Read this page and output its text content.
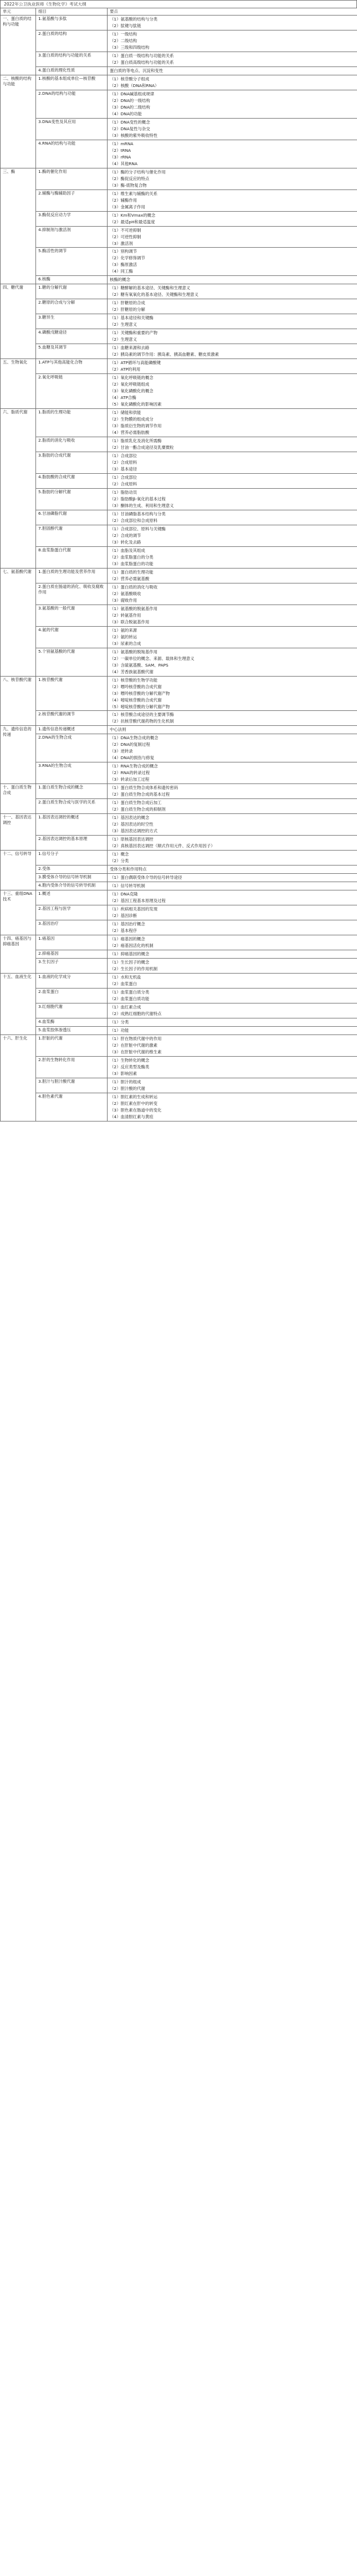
2022年公卫执业医师《生物化学》考试大纲
单元	细目	要点
一、蛋白质的结构与功能	1.氨基酸与多肽	（1）氨基酸的结构与分类
（2）肽键与肽链

	2.蛋白质的结构	（1）一级结构
（2）二级结构
（3）三级和四级结构

	3.蛋白质的结构与功能的关系	（1）蛋白质一级结构与功能的关系
（2）蛋白质高级结构与功能的关系

	4.蛋白质的理化性质	蛋白质的等电点、沉淀和变性

二、核酸的结构与功能	1.核酸的基本组成单位—核苷酸	（1）核苷酸分子组成
（2）核酸（DNA和RNA）

	2.DNA的结构与功能	（1）DNA碱基组成规律
（2）DNA的一级结构
（3）DNA的二级结构
（4）DNA的功能

	3.DNA变性及其应用	（1）DNA变性的概念
（2）DNA复性与杂交
（3）核酸的紫外吸收特性

	4.RNA的结构与功能	（1）mRNA
（2）tRNA
（3）rRNA
（4）其他RNA

三、酶	1.酶的催化作用	（1）酶的分子结构与催化作用
（2）酶促反应的特点
（3）酶-底物复合物

	2.辅酶与酶辅助因子	（1）维生素与辅酶的关系
（2）辅酶作用
（3）金属离子作用

	3.酶促反应动力学	（1）Km和Vmax的概念
（2）最适pH和最适温度

	4.抑制剂与激活剂	（1）不可逆抑制
（2）可逆性抑制
（3）激活剂

	5.酶活性的调节	（1）别构调节
（2）化学修饰调节
（3）酶原激活
（4）同工酶

	6.核酶	核酶的概念

四、糖代谢	1.糖的分解代谢	（1）糖酵解的基本途径、关键酶和生理意义
（2）糖有氧氧化的基本途径、关键酶和生理意义

	2.糖原的合成与分解	（1）肝糖原的合成
（2）肝糖原的分解

	3.糖异生	（1）基本途径和关键酶
（2）生理意义

	4.磷酸戊糖途径	（1）关键酶和重要的产物
（2）生理意义

	5.血糖及其调节	（1）血糖来源和去路
（2）胰岛素的调节作用：胰岛素、胰高血糖素、糖皮质激素

五、生物氧化	1.ATP与其他高能化合物	（1）ATP循环与高能磷酸键
（2）ATP的利用

	2.氧化呼吸链	（1）氧化呼吸链的概念
（2）氧化呼吸链组成
（3）氧化磷酸化的概念
（4）ATP合酶
（5）氧化磷酸化的影响因素

六、脂质代谢	1.脂质的生理功能	（1）储能和供能
（2）生物膜的组成成分
（3）脂质衍生物的调节作用
（4）营养必需脂肪酸

	2.脂质的消化与吸收	（1）脂质乳化及消化所需酶
（2）甘油一酯合成途径及乳糜微粒

	3.脂肪的合成代谢	（1）合成部位
（2）合成原料
（3）基本途径

	4.脂肪酸的合成代谢	（1）合成部位
（2）合成原料

	5.脂肪的分解代谢	（1）脂肪动员
（2）脂肪酸β-氧化的基本过程
（3）酮体的生成、利用和生理意义

	6.甘油磷脂代谢	（1）甘油磷脂基本结构与分类
（2）合成部位和合成原料

	7.胆固醇代谢	（1）合成部位、原料与关键酶
（2）合成的调节
（3）转化及去路

	8.血浆脂蛋白代谢	（1）血脂及其组成
（2）血浆脂蛋白的分类
（3）血浆脂蛋白的功能

七、氨基酸代谢	1.蛋白质的生理功能及营养作用	（1）蛋白质的生理功能
（2）营养必需氨基酸

	2.蛋白质在肠道的消化、吸收及腐败作用	（1）蛋白质的消化与吸收
（2）氨基酸吸收
（3）腐败作用

	3.氨基酸的一般代谢	（1）氨基酸的脱氨基作用
（2）转氨基作用
（3）联合脱氨基作用

	4.氨的代谢	（1）氨的来源
（2）氨的转运
（3）尿素的合成

	5.个别氨基酸的代谢	（1）氨基酸的脱羧基作用
（2）一碳单位的概念、来源、载体和生理意义
（3）含硫氨基酸、SAM、PAPS
（4）芳香族氨基酸代谢

八、核苷酸代谢	1.核苷酸代谢	（1）核苷酸的生物学功能
（2）嘌呤核苷酸的合成代谢
（3）嘌呤核苷酸的分解代谢产物
（4）嘧啶核苷酸的合成代谢
（5）嘧啶核苷酸的分解代谢产物

	2.核苷酸代谢的调节	（1）核苷酸合成途径的主要调节酶
（2）抗核苷酸代谢药物的生化机制

九、遗传信息的传递	1.遗传信息传递概述	中心法则

	2.DNA的生物合成	（1）DNA生物合成的概念
（2）DNA的复制过程
（3）逆转录
（4）DNA的损伤与修复

	3.RNA的生物合成	（1）RNA生物合成的概念
（2）RNA的转录过程
（3）转录后加工过程

十、蛋白质生物合成	1.蛋白质生物合成的概念	（1）蛋白质生物合成体系和遗传密码
（2）蛋白质生物合成的基本过程

	2.蛋白质生物合成与医学的关系	（1）蛋白质生物合成后加工
（2）蛋白质生物合成的抑制剂

十一、基因表达调控	1.基因表达调控的概述	（1）基因表达的概念
（2）基因表达的时空性
（3）基因表达调控的方式

	2.基因表达调控的基本原理	（1）原核基因表达调控
（2）真核基因表达调控（顺式作用元件、反式作用因子）

十二、信号转导	1.信号分子	（1）概念
（2）分类

	2.受体	受体分类和作用特点

	3.膜受体介导的信号转导机制	（1）蛋白偶联受体介导的信号转导途径

	4.胞内受体介导的信号转导机制	（1）信号转导机制

十三、重组DNA技术	1.概述	（1）DNA克隆
（2）基因工程基本原理及过程

	2.基因工程与医学	（1）疾病相关基因的发现
（2）基因诊断

	3.基因治疗	（1）基因治疗概念
（2）基本程序

十四、癌基因与抑癌基因	1.癌基因	（1）癌基因的概念
（2）癌基因活化的机制

	2.抑癌基因	（1）抑癌基因的概念

	3.生长因子	（1）生长因子的概念
（2）生长因子的作用机制

十五、血液生化	1.血液的化学成分	（1）水和无机盐
（2）血浆蛋白

	2.血浆蛋白	（1）血浆蛋白质分类
（2）血浆蛋白质功能

	3.红细胞代谢	（1）血红素合成
（2）成熟红细胞的代谢特点

	4.血浆酶	（1）分类

	5.血浆胶体渗透压	（1）功能

十六、肝生化	1.肝脏的代谢	（1）肝在物质代谢中的作用
（2）在肝脏中代谢的激素
（3）在肝脏中代谢的维生素

	2.肝的生物转化作用	（1）生物转化的概念
（2）反应类型及酶类
（3）影响因素

	3.胆汁与胆汁酸代谢	（1）胆汁的组成
（2）胆汁酸的代谢

	4.胆色素代谢	（1）胆红素的生成和转运
（2）胆红素在肝中的转变
（3）胆色素在肠道中的变化
（4）血清胆红素与黄疸
